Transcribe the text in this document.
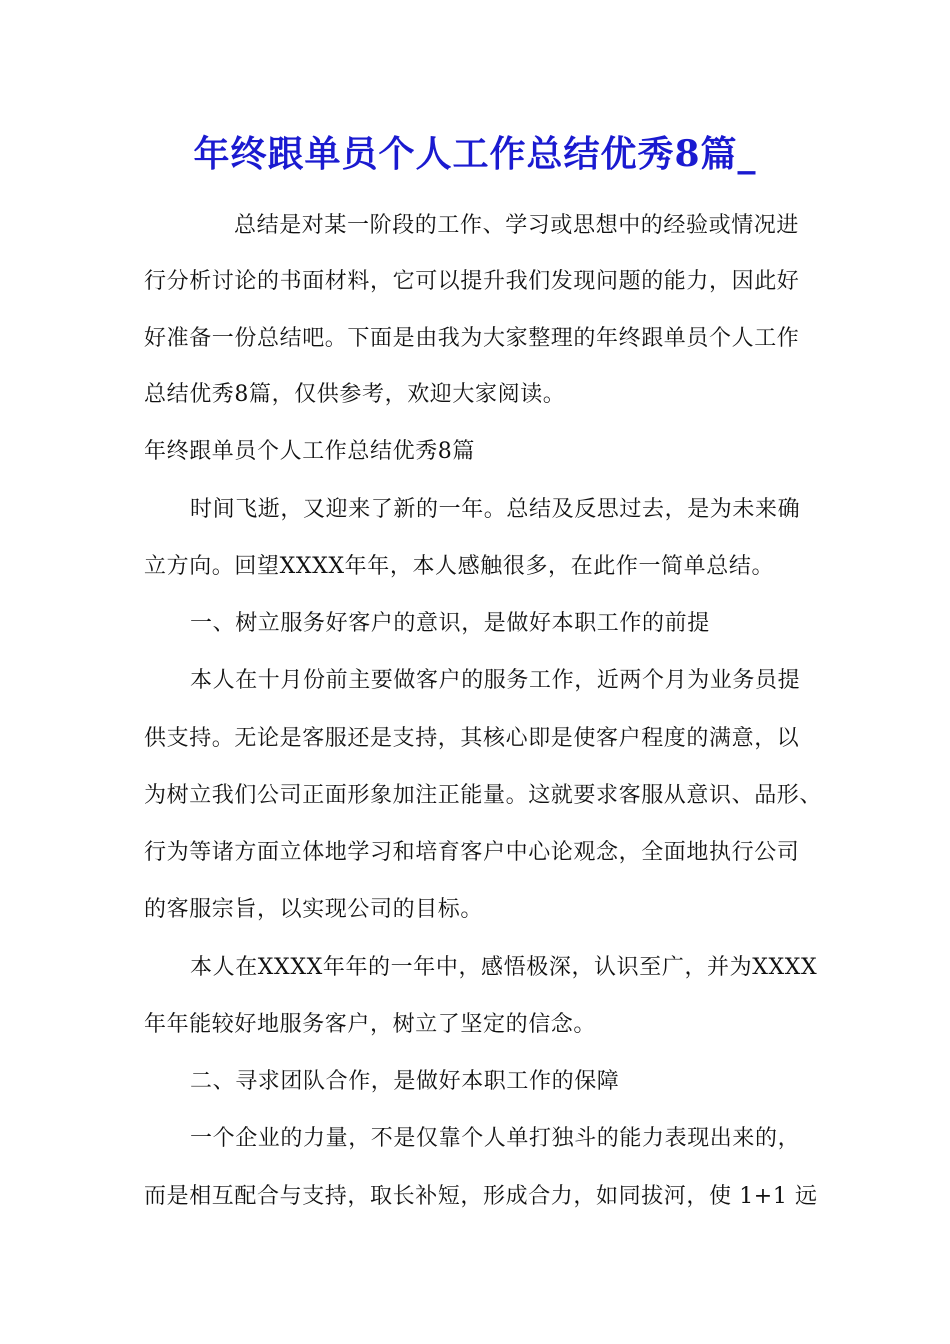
年终跟单员个人工作总结优秀8篇_
总结是对某一阶段的工作、学习或思想中的经验或情况进
行分析讨论的书面材料，它可以提升我们发现问题的能力，因此好
好准备一份总结吧。下面是由我为大家整理的年终跟单员个人工作
总结优秀8篇，仅供参考，欢迎大家阅读。
年终跟单员个人工作总结优秀8篇
时间飞逝，又迎来了新的一年。总结及反思过去，是为未来确
立方向。回望XXXX年年，本人感触很多，在此作一简单总结。
一、树立服务好客户的意识，是做好本职工作的前提
本人在十月份前主要做客户的服务工作，近两个月为业务员提
供支持。无论是客服还是支持，其核心即是使客户程度的满意，以
为树立我们公司正面形象加注正能量。这就要求客服从意识、品形、
行为等诸方面立体地学习和培育客户中心论观念，全面地执行公司
的客服宗旨，以实现公司的目标。
本人在XXXX年年的一年中，感悟极深，认识至广，并为XXXX
年年能较好地服务客户，树立了坚定的信念。
二、寻求团队合作，是做好本职工作的保障
一个企业的力量，不是仅靠个人单打独斗的能力表现出来的，
而是相互配合与支持，取长补短，形成合力，如同拔河，使 1+1 远
